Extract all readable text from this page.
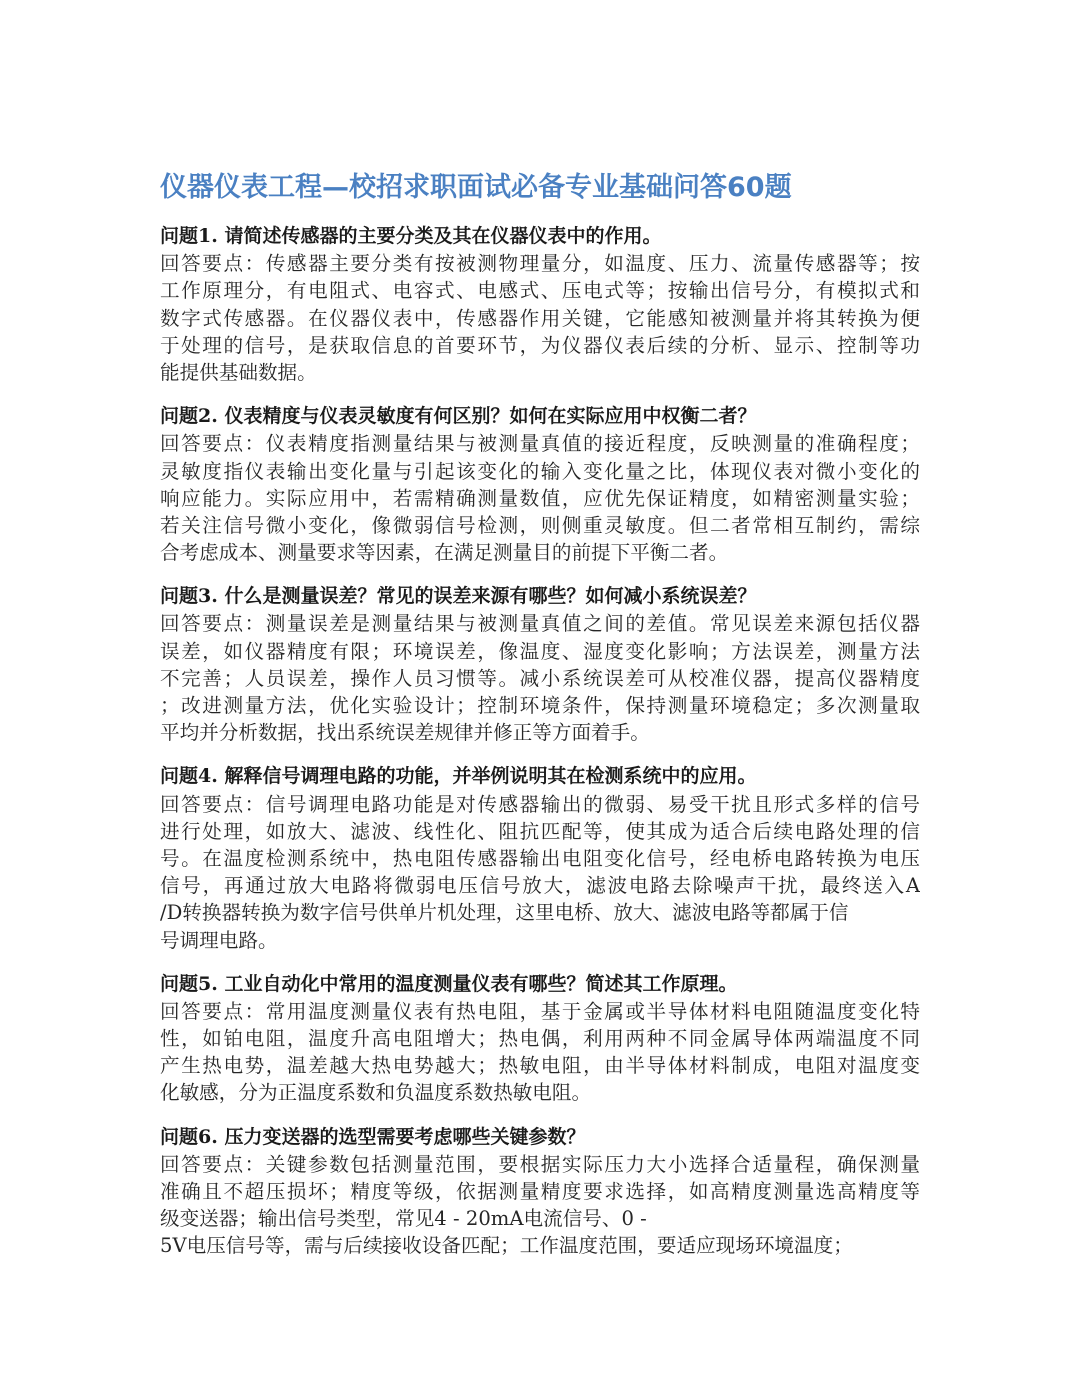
仪器仪表工程—校招求职面试必备专业基础问答60题
问题1. 请简述传感器的主要分类及其在仪器仪表中的作用。
回答要点：传感器主要分类有按被测物理量分，如温度、压力、流量传感器等；按
工作原理分，有电阻式、电容式、电感式、压电式等；按输出信号分，有模拟式和
数字式传感器。在仪器仪表中，传感器作用关键，它能感知被测量并将其转换为便
于处理的信号，是获取信息的首要环节，为仪器仪表后续的分析、显示、控制等功
能提供基础数据。
问题2. 仪表精度与仪表灵敏度有何区别？如何在实际应用中权衡二者？
回答要点：仪表精度指测量结果与被测量真值的接近程度，反映测量的准确程度；
灵敏度指仪表输出变化量与引起该变化的输入变化量之比，体现仪表对微小变化的
响应能力。实际应用中，若需精确测量数值，应优先保证精度，如精密测量实验；
若关注信号微小变化，像微弱信号检测，则侧重灵敏度。但二者常相互制约，需综
合考虑成本、测量要求等因素，在满足测量目的前提下平衡二者。
问题3. 什么是测量误差？常见的误差来源有哪些？如何减小系统误差？
回答要点：测量误差是测量结果与被测量真值之间的差值。常见误差来源包括仪器
误差，如仪器精度有限；环境误差，像温度、湿度变化影响；方法误差，测量方法
不完善；人员误差，操作人员习惯等。减小系统误差可从校准仪器，提高仪器精度
；改进测量方法，优化实验设计；控制环境条件，保持测量环境稳定；多次测量取
平均并分析数据，找出系统误差规律并修正等方面着手。
问题4. 解释信号调理电路的功能，并举例说明其在检测系统中的应用。
回答要点：信号调理电路功能是对传感器输出的微弱、易受干扰且形式多样的信号
进行处理，如放大、滤波、线性化、阻抗匹配等，使其成为适合后续电路处理的信
号。在温度检测系统中，热电阻传感器输出电阻变化信号，经电桥电路转换为电压
信号，再通过放大电路将微弱电压信号放大，滤波电路去除噪声干扰，最终送入A
/D转换器转换为数字信号供单片机处理，这里电桥、放大、滤波电路等都属于信
号调理电路。
问题5. 工业自动化中常用的温度测量仪表有哪些？简述其工作原理。
回答要点：常用温度测量仪表有热电阻，基于金属或半导体材料电阻随温度变化特
性，如铂电阻，温度升高电阻增大；热电偶，利用两种不同金属导体两端温度不同
产生热电势，温差越大热电势越大；热敏电阻，由半导体材料制成，电阻对温度变
化敏感，分为正温度系数和负温度系数热敏电阻。
问题6. 压力变送器的选型需要考虑哪些关键参数？
回答要点：关键参数包括测量范围，要根据实际压力大小选择合适量程，确保测量
准确且不超压损坏；精度等级，依据测量精度要求选择，如高精度测量选高精度等
级变送器；输出信号类型，常见4 - 20mA电流信号、0 -
5V电压信号等，需与后续接收设备匹配；工作温度范围，要适应现场环境温度；
